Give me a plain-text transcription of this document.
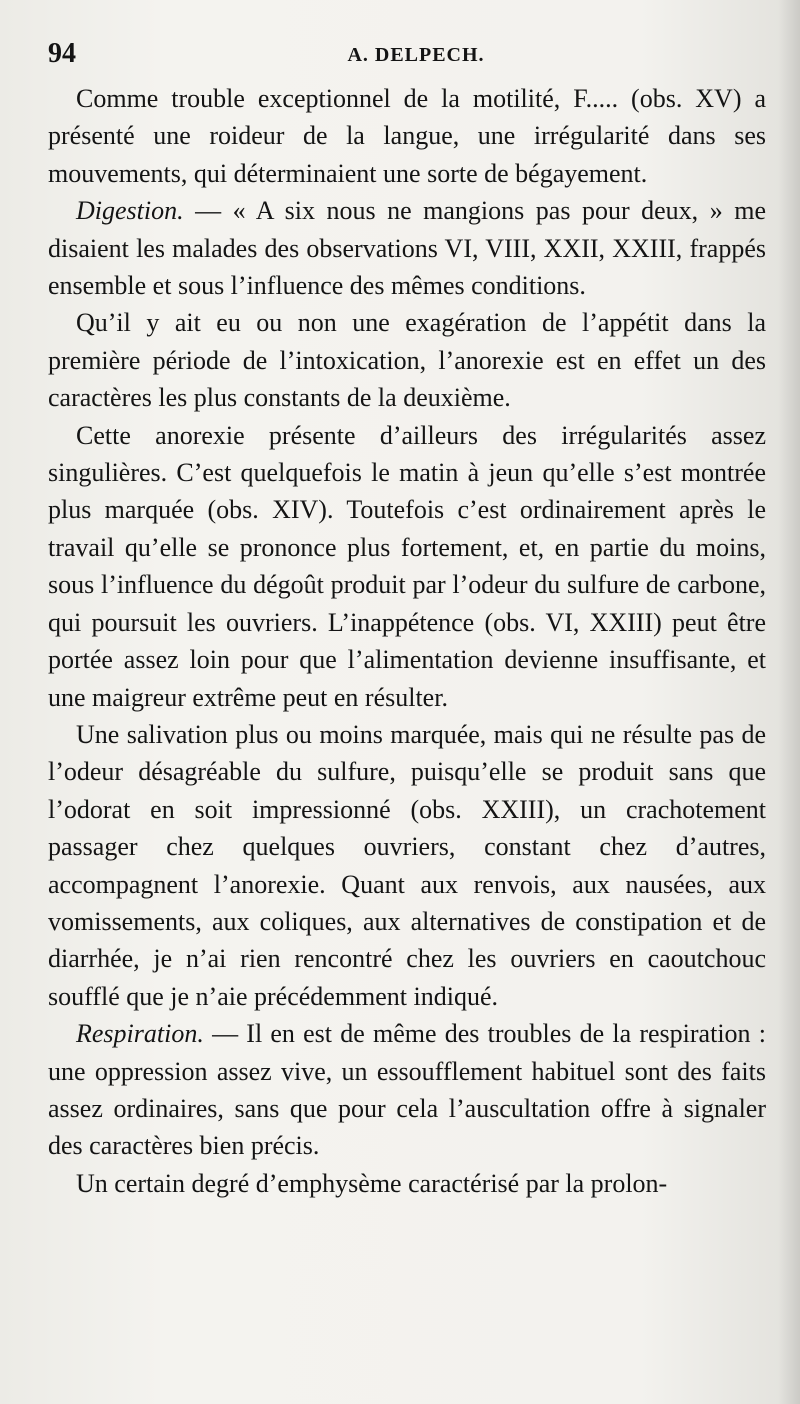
94	A. DELPECH.

Comme trouble exceptionnel de la motilité, F..... (obs. XV) a présenté une roideur de la langue, une irrégularité dans ses mouvements, qui déterminaient une sorte de bégayement.

Digestion. — « A six nous ne mangions pas pour deux, » me disaient les malades des observations VI, VIII, XXII, XXIII, frappés ensemble et sous l’influence des mêmes conditions.

Qu’il y ait eu ou non une exagération de l’appétit dans la première période de l’intoxication, l’anorexie est en effet un des caractères les plus constants de la deuxième.

Cette anorexie présente d’ailleurs des irrégularités assez singulières. C’est quelquefois le matin à jeun qu’elle s’est montrée plus marquée (obs. XIV). Toutefois c’est ordinairement après le travail qu’elle se prononce plus fortement, et, en partie du moins, sous l’influence du dégoût produit par l’odeur du sulfure de carbone, qui poursuit les ouvriers. L’inappétence (obs. VI, XXIII) peut être portée assez loin pour que l’alimentation devienne insuffisante, et une maigreur extrême peut en résulter.

Une salivation plus ou moins marquée, mais qui ne résulte pas de l’odeur désagréable du sulfure, puisqu’elle se produit sans que l’odorat en soit impressionné (obs. XXIII), un crachotement passager chez quelques ouvriers, constant chez d’autres, accompagnent l’anorexie. Quant aux renvois, aux nausées, aux vomissements, aux coliques, aux alternatives de constipation et de diarrhée, je n’ai rien rencontré chez les ouvriers en caoutchouc soufflé que je n’aie précédemment indiqué.

Respiration. — Il en est de même des troubles de la respiration : une oppression assez vive, un essoufflement habituel sont des faits assez ordinaires, sans que pour cela l’auscultation offre à signaler des caractères bien précis.

Un certain degré d’emphysème caractérisé par la prolon-
